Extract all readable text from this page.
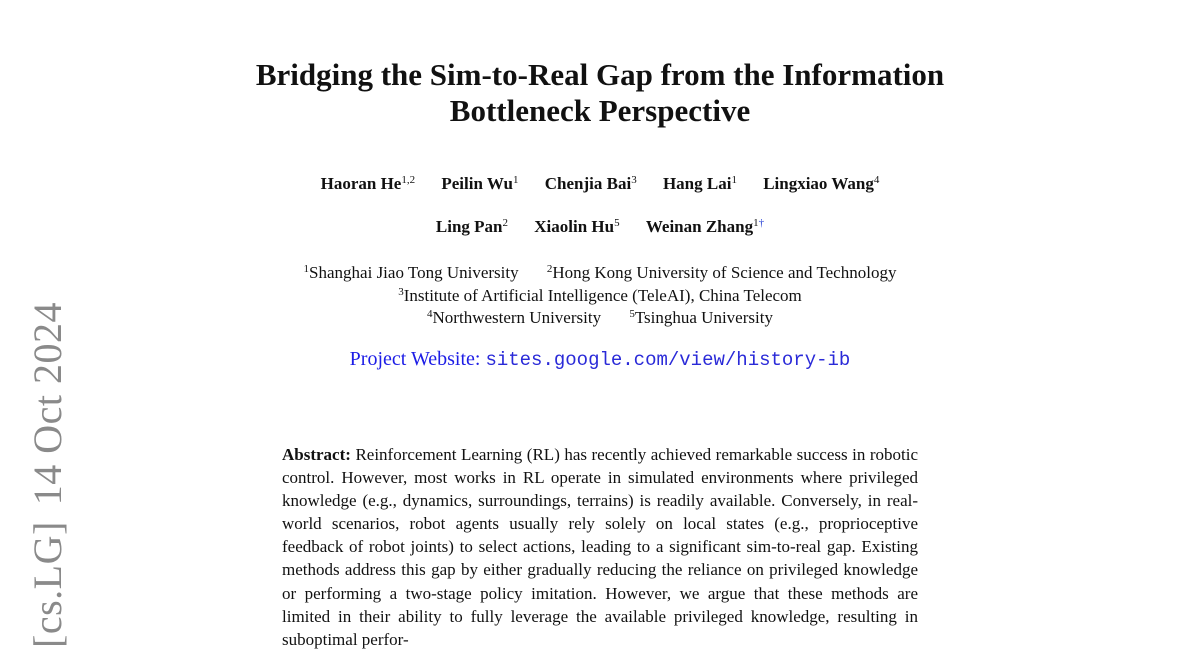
[cs.LG]14 Oct 2024
Bridging the Sim-to-Real Gap from the Information
Bottleneck Perspective
Haoran He$^{1,2}$ Peilin Wu$^1$ Chenjia Bai$^3$ Hang Lai$^1$ Lingxiao Wang$^4$
Ling Pan$^2$ Xiaolin Hu$^5$ Weinan Zhang$^{1\dagger}$
$^1$Shanghai Jiao Tong University	$^2$Hong Kong University of Science and Technology
$^3$Institute of Artificial Intelligence (TeleAI), China Telecom
$^4$Northwestern University	$^5$Tsinghua University
Project Website: sites.google.com/view/history-ib
Abstract: Reinforcement Learning (RL) has recently achieved remarkable success in robotic control. However, most works in RL operate in simulated environments where privileged knowledge (e.g., dynamics, surroundings, terrains) is readily available. Conversely, in real-world scenarios, robot agents usually rely solely on local states (e.g., proprioceptive feedback of robot joints) to select actions, leading to a significant sim-to-real gap. Existing methods address this gap by either gradually reducing the reliance on privileged knowledge or performing a two-stage policy imitation. However, we argue that these methods are limited in their ability to fully leverage the available privileged knowledge, resulting in suboptimal perfor-
